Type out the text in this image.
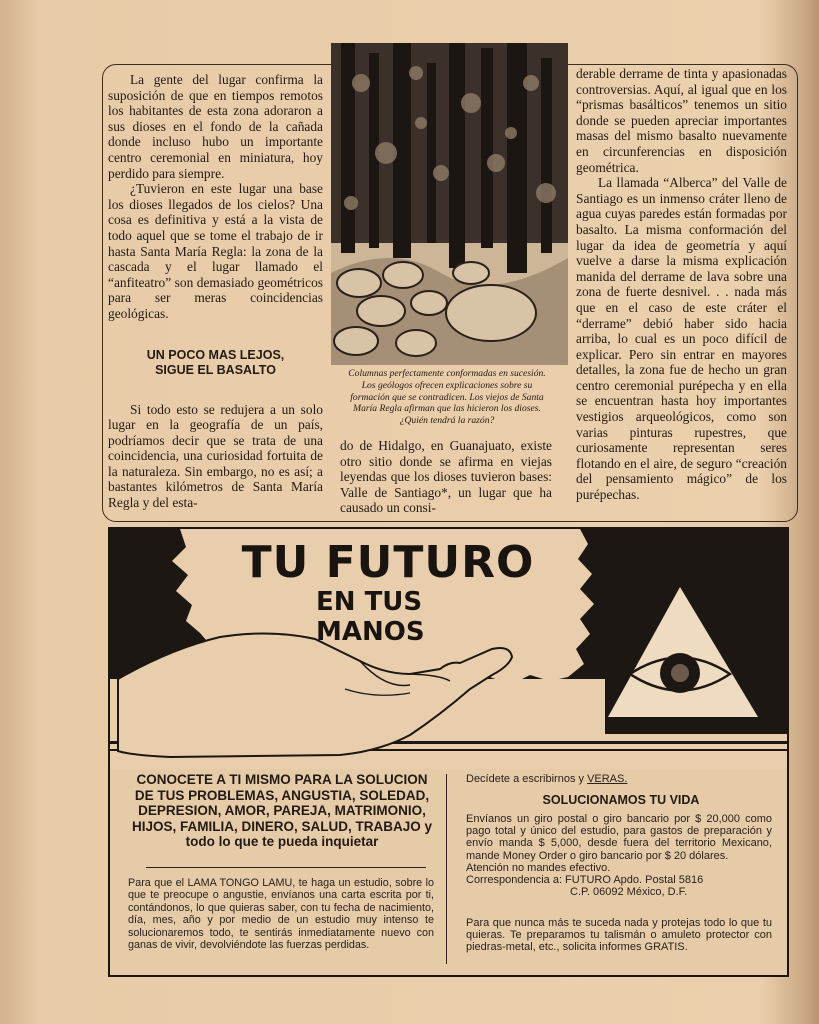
La gente del lugar confirma la suposición de que en tiempos remotos los habitantes de esta zona adoraron a sus dioses en el fondo de la cañada donde incluso hubo un importante centro ceremonial en miniatura, hoy perdido para siempre.

¿Tuvieron en este lugar una base los dioses llegados de los cielos? Una cosa es definitiva y está a la vista de todo aquel que se tome el trabajo de ir hasta Santa María Regla: la zona de la cascada y el lugar llamado el “anfiteatro” son demasiado geométricos para ser meras coincidencias geológicas.

UN POCO MAS LEJOS,
SIGUE EL BASALTO

Si todo esto se redujera a un solo lugar en la geografía de un país, podríamos decir que se trata de una coincidencia, una curiosidad fortuita de la naturaleza. Sin embargo, no es así; a bastantes kilómetros de Santa María Regla y del esta-

Columnas perfectamente conformadas en sucesión. Los geólogos ofrecen explicaciones sobre su formación que se contradicen. Los viejos de Santa María Regla afirman que las hicieron los dioses. ¿Quién tendrá la razón?

do de Hidalgo, en Guanajuato, existe otro sitio donde se afirma en viejas leyendas que los dioses tuvieron bases: Valle de Santiago*, un lugar que ha causado un consi-

derable derrame de tinta y apasionadas controversias. Aquí, al igual que en los “prismas basálticos” tenemos un sitio donde se pueden apreciar importantes masas del mismo basalto nuevamente en circunferencias en disposición geométrica.

La llamada “Alberca” del Valle de Santiago es un inmenso cráter lleno de agua cuyas paredes están formadas por basalto. La misma conformación del lugar da idea de geometría y aquí vuelve a darse la misma explicación manida del derrame de lava sobre una zona de fuerte desnivel. . . nada más que en el caso de este cráter el “derrame” debió haber sido hacia arriba, lo cual es un poco difícil de explicar. Pero sin entrar en mayores detalles, la zona fue de hecho un gran centro ceremonial purépecha y en ella se encuentran hasta hoy importantes vestigios arqueológicos, como son varias pinturas rupestres, que curiosamente representan seres flotando en el aire, de seguro “creación del pensamiento mágico” de los purépechas.

TU FUTURO
EN TUS
MANOS
CONOCETE A TI MISMO PARA LA SOLUCION DE TUS PROBLEMAS, ANGUSTIA, SOLEDAD, DEPRESION, AMOR, PAREJA, MATRIMONIO, HIJOS, FAMILIA, DINERO, SALUD, TRABAJO y todo lo que te pueda inquietar
Para que el LAMA TONGO LAMU, te haga un estudio, sobre lo que te preocupe o angustie, envíanos una carta escrita por ti, contándonos, lo que quieras saber, con tu fecha de nacimiento, día, mes, año y por medio de un estudio muy intenso te solucionaremos todo, te sentirás inmediatamente nuevo con ganas de vivir, devolviéndote las fuerzas perdidas.
Decídete a escribirnos y VERAS.
SOLUCIONAMOS TU VIDA

Envíanos un giro postal o giro bancario por $ 20,000 como pago total y único del estudio, para gastos de preparación y envío manda $ 5,000, desde fuera del territorio Mexicano, mande Money Order o giro bancario por $ 20 dólares.

Atención no mandes efectivo.

Correspondencia a: FUTURO Apdo. Postal 5816

C.P. 06092 México, D.F.

Para que nunca más te suceda nada y protejas todo lo que tu quieras. Te preparamos tu talismán o amuleto protector con piedras-metal, etc., solicita informes GRATIS.
